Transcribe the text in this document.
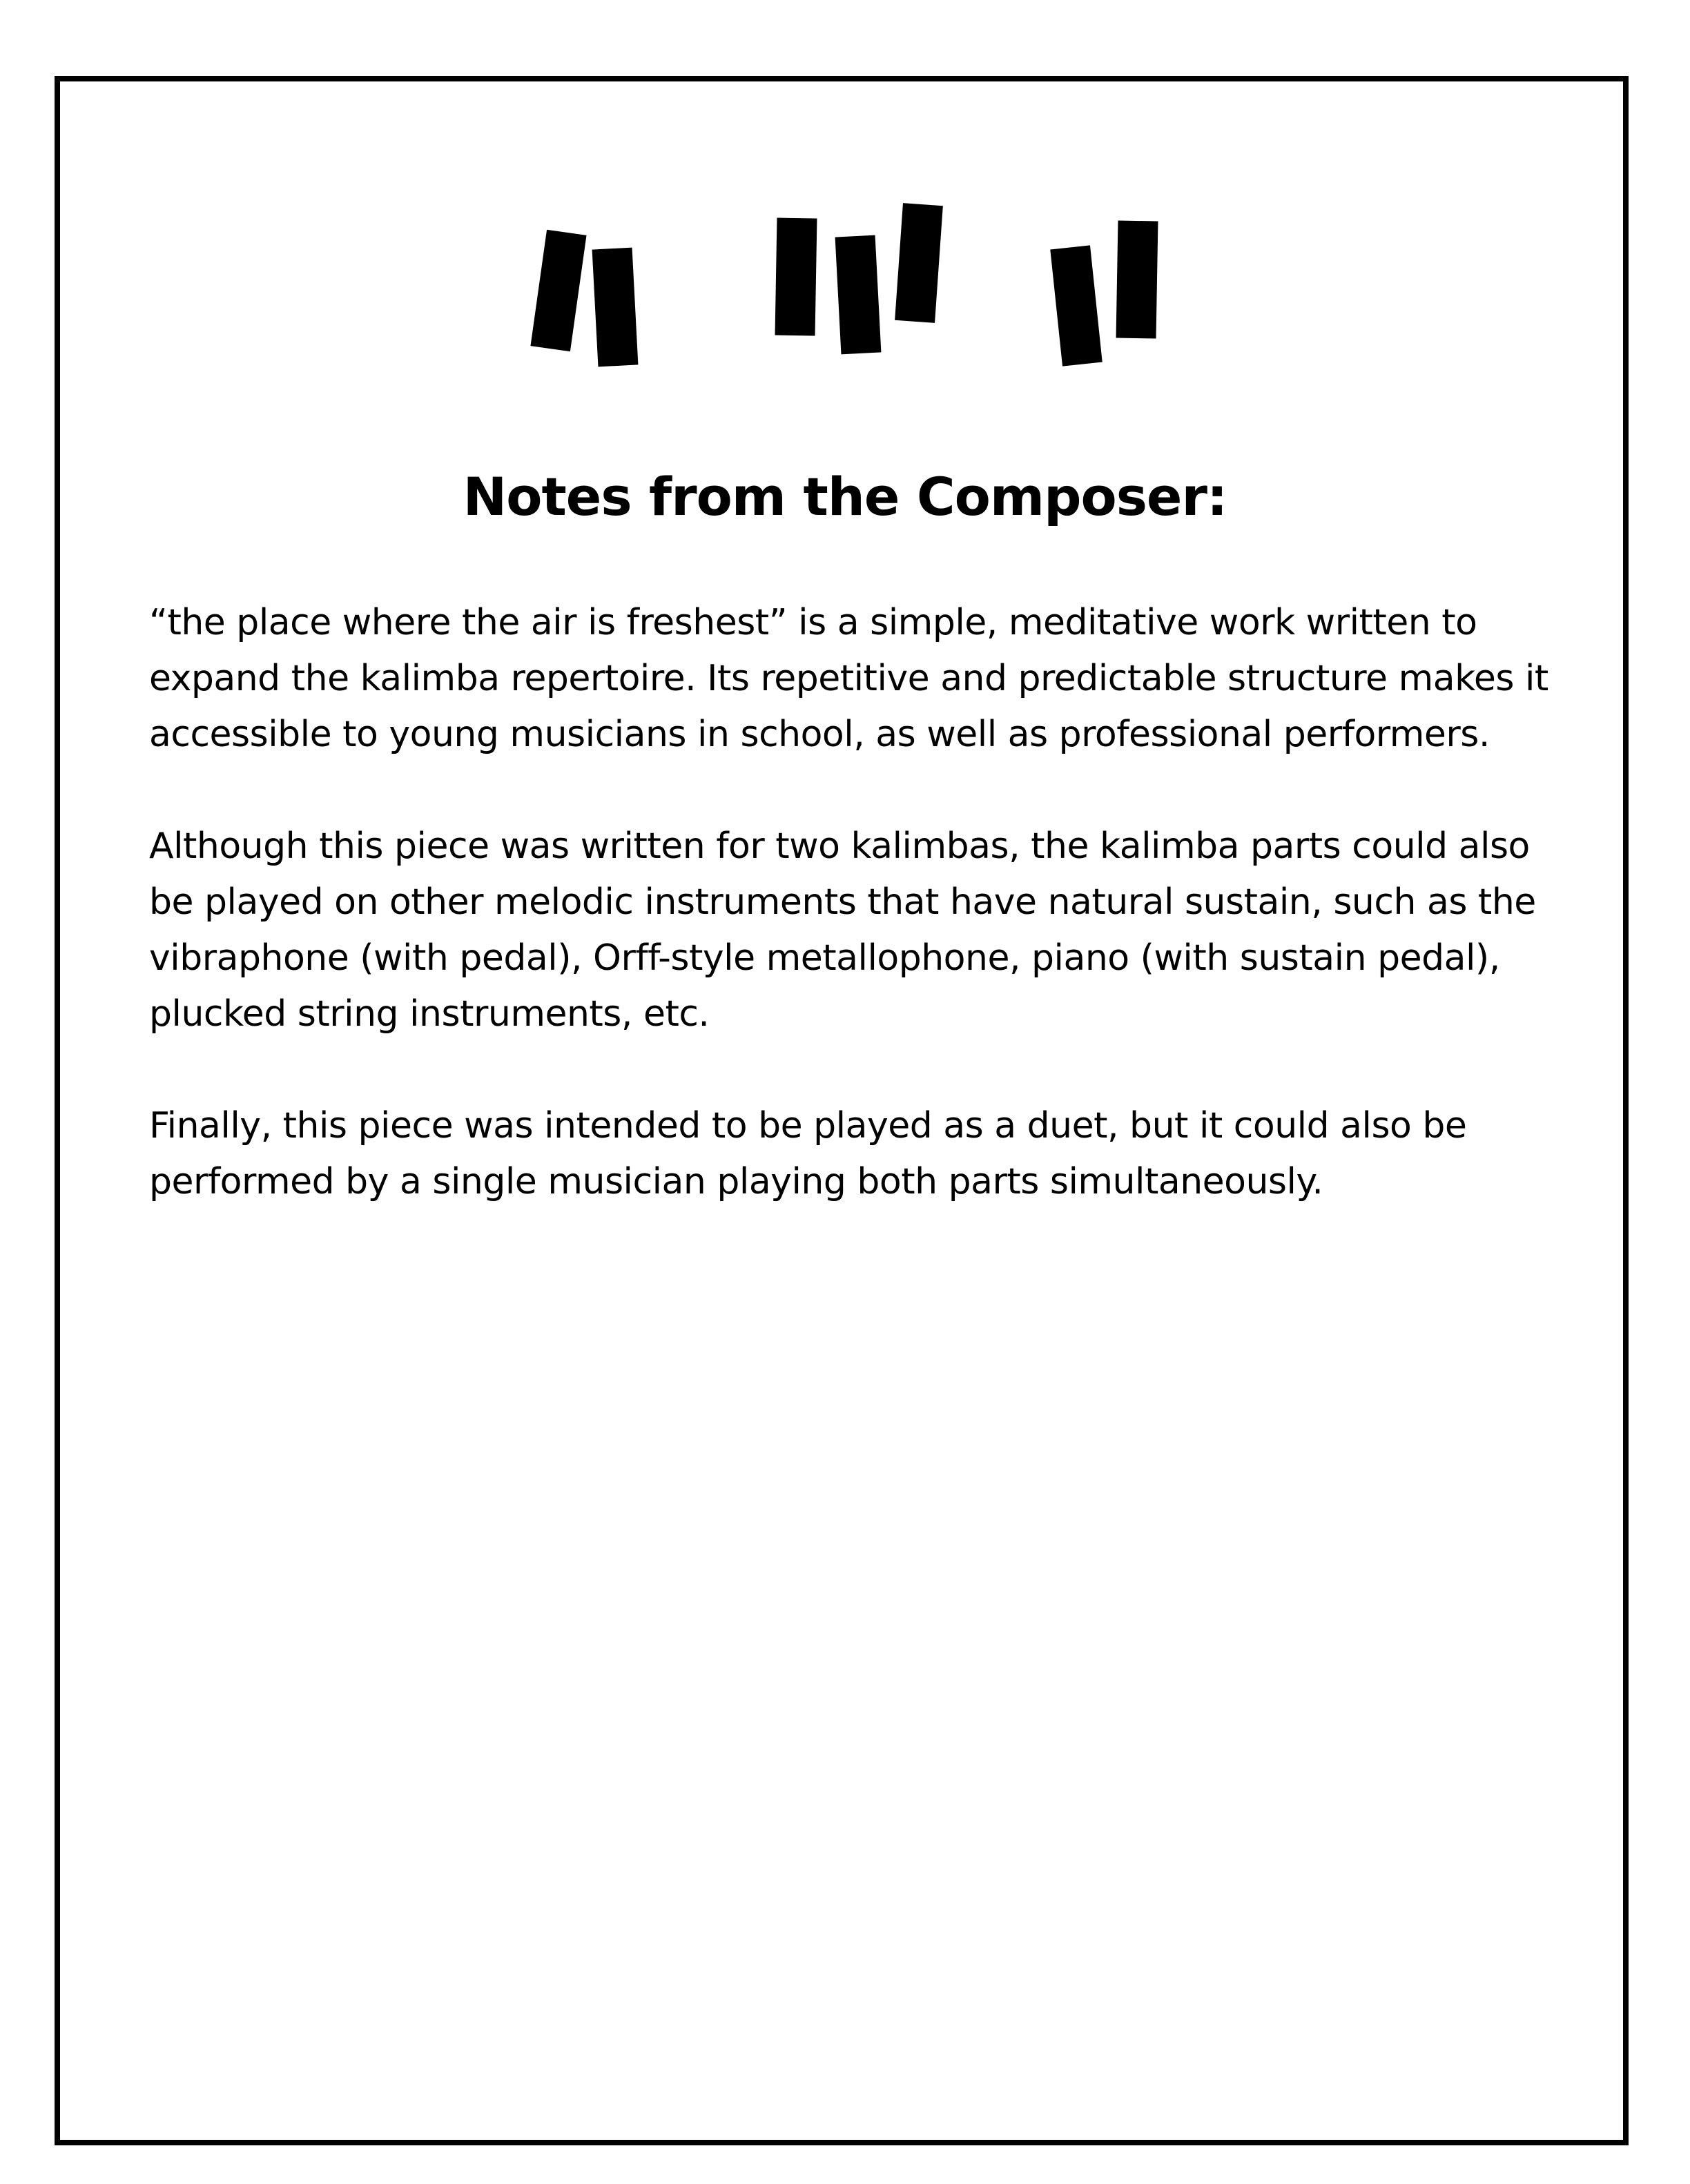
Notes from the Composer:

“the place where the air is freshest” is a simple, meditative work written to expand the kalimba repertoire. Its repetitive and predictable structure makes it accessible to young musicians in school, as well as professional performers.

Although this piece was written for two kalimbas, the kalimba parts could also be played on other melodic instruments that have natural sustain, such as the vibraphone (with pedal), Orff-style metallophone, piano (with sustain pedal), plucked string instruments, etc.

Finally, this piece was intended to be played as a duet, but it could also be performed by a single musician playing both parts simultaneously.
